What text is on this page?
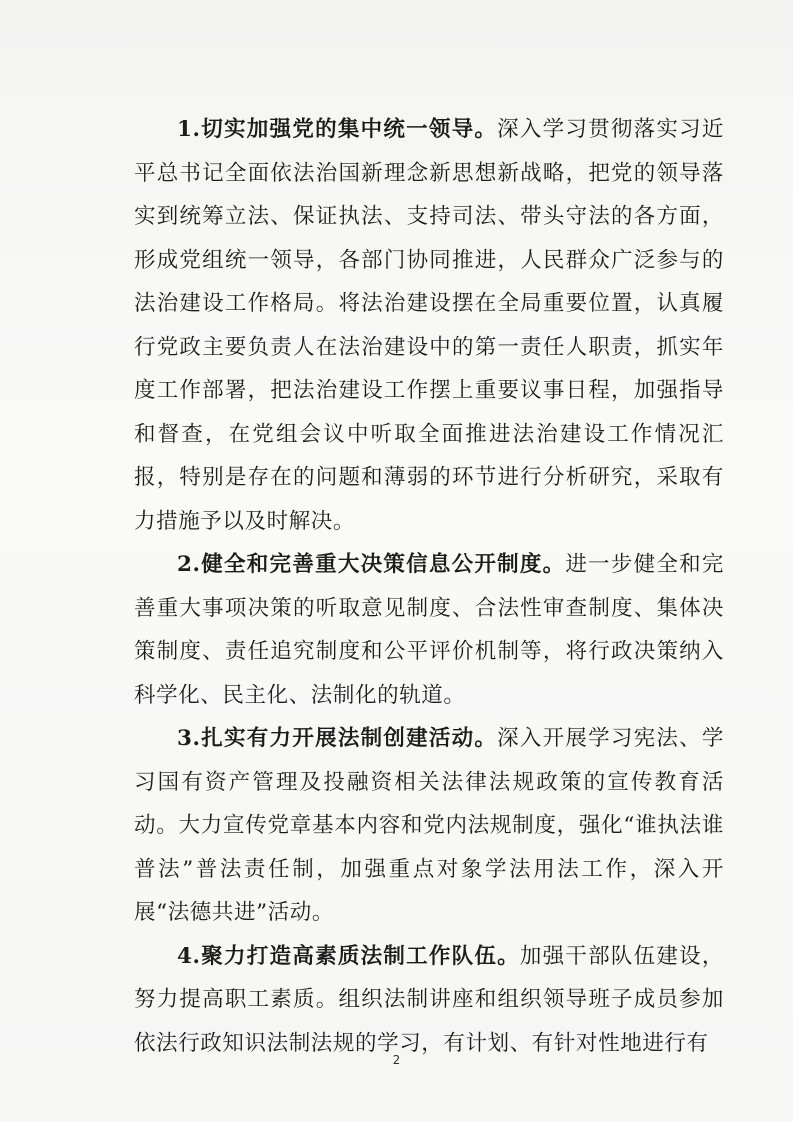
1.切实加强党的集中统一领导。深入学习贯彻落实习近平总书记全面依法治国新理念新思想新战略，把党的领导落实到统筹立法、保证执法、支持司法、带头守法的各方面，形成党组统一领导，各部门协同推进，人民群众广泛参与的法治建设工作格局。将法治建设摆在全局重要位置，认真履行党政主要负责人在法治建设中的第一责任人职责，抓实年度工作部署，把法治建设工作摆上重要议事日程，加强指导和督查，在党组会议中听取全面推进法治建设工作情况汇报，特别是存在的问题和薄弱的环节进行分析研究，采取有力措施予以及时解决。

2.健全和完善重大决策信息公开制度。进一步健全和完善重大事项决策的听取意见制度、合法性审查制度、集体决策制度、责任追究制度和公平评价机制等，将行政决策纳入科学化、民主化、法制化的轨道。

3.扎实有力开展法制创建活动。深入开展学习宪法、学习国有资产管理及投融资相关法律法规政策的宣传教育活动。大力宣传党章基本内容和党内法规制度，强化“谁执法谁普法”普法责任制，加强重点对象学法用法工作，深入开展“法德共进”活动。

4.聚力打造高素质法制工作队伍。加强干部队伍建设，努力提高职工素质。组织法制讲座和组织领导班子成员参加依法行政知识法制法规的学习，有计划、有针对性地进行有

2
